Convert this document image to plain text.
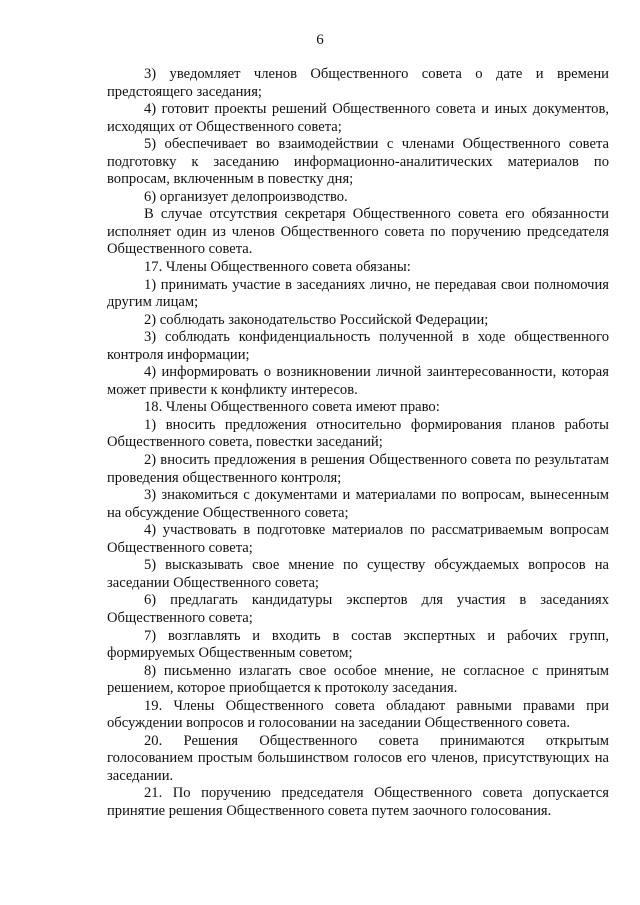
6

3) уведомляет членов Общественного совета о дате и времени предстоящего заседания;

4) готовит проекты решений Общественного совета и иных документов, исходящих от Общественного совета;

5) обеспечивает во взаимодействии с членами Общественного совета подготовку к заседанию информационно-аналитических материалов по вопросам, включенным в повестку дня;

6) организует делопроизводство.

В случае отсутствия секретаря Общественного совета его обязанности исполняет один из членов Общественного совета по поручению председателя Общественного совета.

17. Члены Общественного совета обязаны:

1) принимать участие в заседаниях лично, не передавая свои полномочия другим лицам;

2) соблюдать законодательство Российской Федерации;

3) соблюдать конфиденциальность полученной в ходе общественного контроля информации;

4) информировать о возникновении личной заинтересованности, которая может привести к конфликту интересов.

18. Члены Общественного совета имеют право:

1) вносить предложения относительно формирования планов работы Общественного совета, повестки заседаний;

2) вносить предложения в решения Общественного совета по результатам проведения общественного контроля;

3) знакомиться с документами и материалами по вопросам, вынесенным на обсуждение Общественного совета;

4) участвовать в подготовке материалов по рассматриваемым вопросам Общественного совета;

5) высказывать свое мнение по существу обсуждаемых вопросов на заседании Общественного совета;

6) предлагать кандидатуры экспертов для участия в заседаниях Общественного совета;

7) возглавлять и входить в состав экспертных и рабочих групп, формируемых Общественным советом;

8) письменно излагать свое особое мнение, не согласное с принятым решением, которое приобщается к протоколу заседания.

19. Члены Общественного совета обладают равными правами при обсуждении вопросов и голосовании на заседании Общественного совета.

20. Решения Общественного совета принимаются открытым голосованием простым большинством голосов его членов, присутствующих на заседании.

21. По поручению председателя Общественного совета допускается принятие решения Общественного совета путем заочного голосования.
